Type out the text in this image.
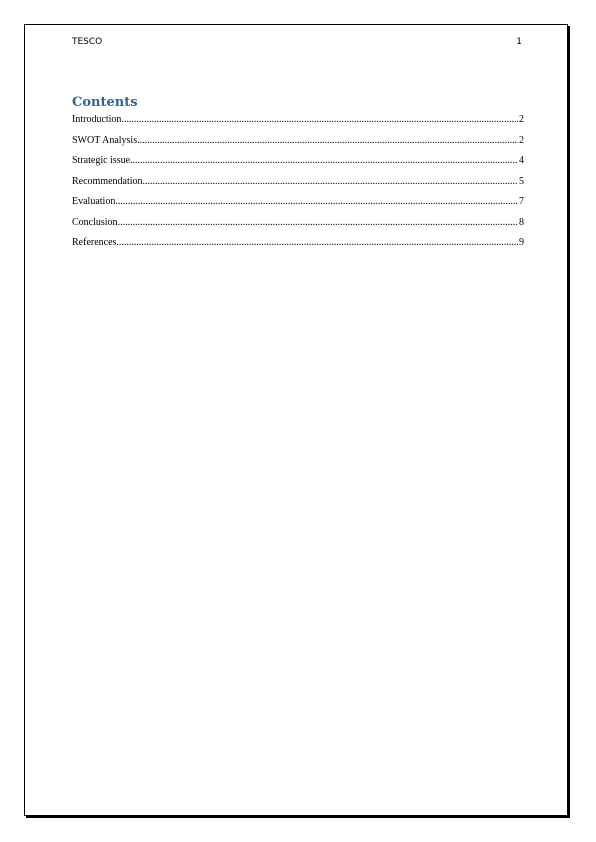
TESCO	1
Contents
Introduction .....	2
SWOT Analysis .....	2
Strategic issue .....	4
Recommendation .....	5
Evaluation .....	7
Conclusion .....	8
References .....	9
